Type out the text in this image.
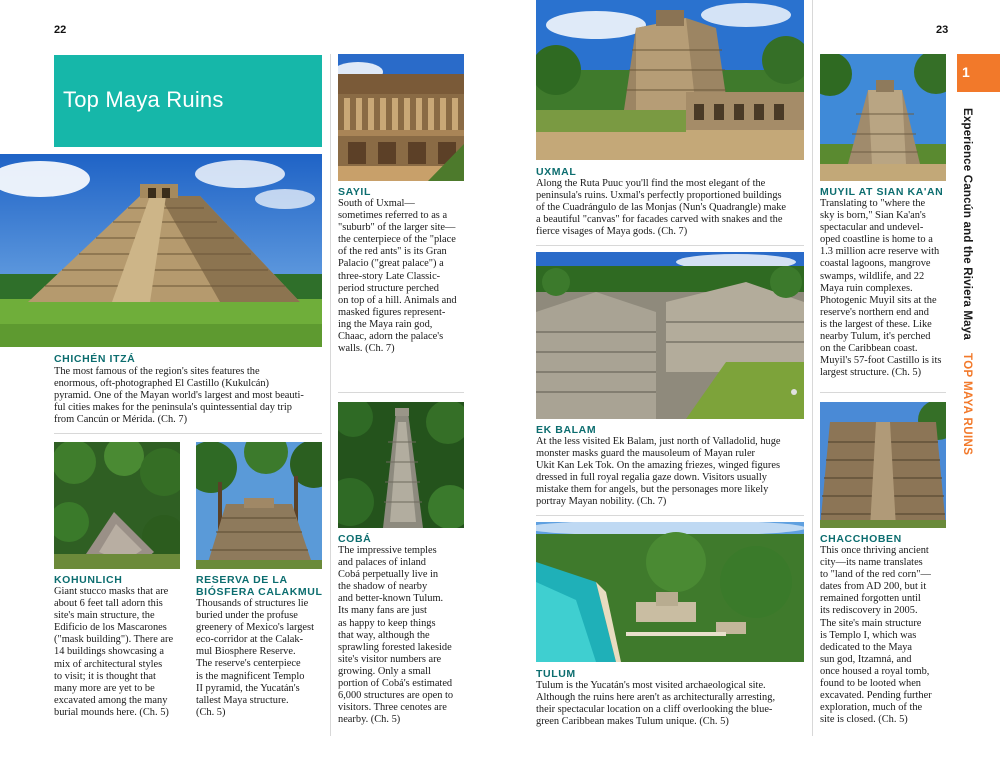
22	23
Top Maya Ruins
CHICHÉN ITZÁ
The most famous of the region's sites features the
enormous, oft-photographed El Castillo (Kukulcán)
pyramid. One of the Mayan world's largest and most beauti-
ful cities makes for the peninsula's quintessential day trip
from Cancún or Mérida. (Ch. 7)
SAYIL
South of Uxmal—
sometimes referred to as a
"suburb" of the larger site—
the centerpiece of the "place
of the red ants" is its Gran
Palacio ("great palace") a
three-story Late Classic-
period structure perched
on top of a hill. Animals and
masked figures represent-
ing the Maya rain god,
Chaac, adorn the palace's
walls. (Ch. 7)
KOHUNLICH
Giant stucco masks that are
about 6 feet tall adorn this
site's main structure, the
Edificio de los Mascarones
("mask building"). There are
14 buildings showcasing a
mix of architectural styles
to visit; it is thought that
many more are yet to be
excavated among the many
burial mounds here. (Ch. 5)
RESERVA DE LA
BIÓSFERA CALAKMUL
Thousands of structures lie
buried under the profuse
greenery of Mexico's largest
eco-corridor at the Calak-
mul Biosphere Reserve.
The reserve's centerpiece
is the magnificent Templo
II pyramid, the Yucatán's
tallest Maya structure.
(Ch. 5)
COBÁ
The impressive temples
and palaces of inland
Cobá perpetually live in
the shadow of nearby
and better-known Tulum.
Its many fans are just
as happy to keep things
that way, although the
sprawling forested lakeside
site's visitor numbers are
growing. Only a small
portion of Cobá's estimated
6,000 structures are open to
visitors. Three cenotes are
nearby. (Ch. 5)
UXMAL
Along the Ruta Puuc you'll find the most elegant of the
peninsula's ruins. Uxmal's perfectly proportioned buildings
of the Cuadrángulo de las Monjas (Nun's Quadrangle) make
a beautiful "canvas" for facades carved with snakes and the
fierce visages of Maya gods. (Ch. 7)
EK BALAM
At the less visited Ek Balam, just north of Valladolid, huge
monster masks guard the mausoleum of Mayan ruler
Ukit Kan Lek Tok. On the amazing friezes, winged figures
dressed in full royal regalia gaze down. Visitors usually
mistake them for angels, but the personages more likely
portray Mayan nobility. (Ch. 7)
TULUM
Tulum is the Yucatán's most visited archaeological site.
Although the ruins here aren't as architecturally arresting,
their spectacular location on a cliff overlooking the blue-
green Caribbean makes Tulum unique. (Ch. 5)
MUYIL AT SIAN KA'AN
Translating to "where the
sky is born," Sian Ka'an's
spectacular and undevel-
oped coastline is home to a
1.3 million acre reserve with
coastal lagoons, mangrove
swamps, wildlife, and 22
Maya ruin complexes.
Photogenic Muyil sits at the
reserve's northern end and
is the largest of these. Like
nearby Tulum, it's perched
on the Caribbean coast.
Muyil's 57-foot Castillo is its
largest structure. (Ch. 5)
CHACCHOBEN
This once thriving ancient
city—its name translates
to "land of the red corn"—
dates from AD 200, but it
remained forgotten until
its rediscovery in 2005.
The site's main structure
is Templo I, which was
dedicated to the Maya
sun god, Itzamná, and
once housed a royal tomb,
found to be looted when
excavated. Pending further
exploration, much of the
site is closed. (Ch. 5)
1
Experience Cancún and the Riviera Maya TOP MAYA RUINS
